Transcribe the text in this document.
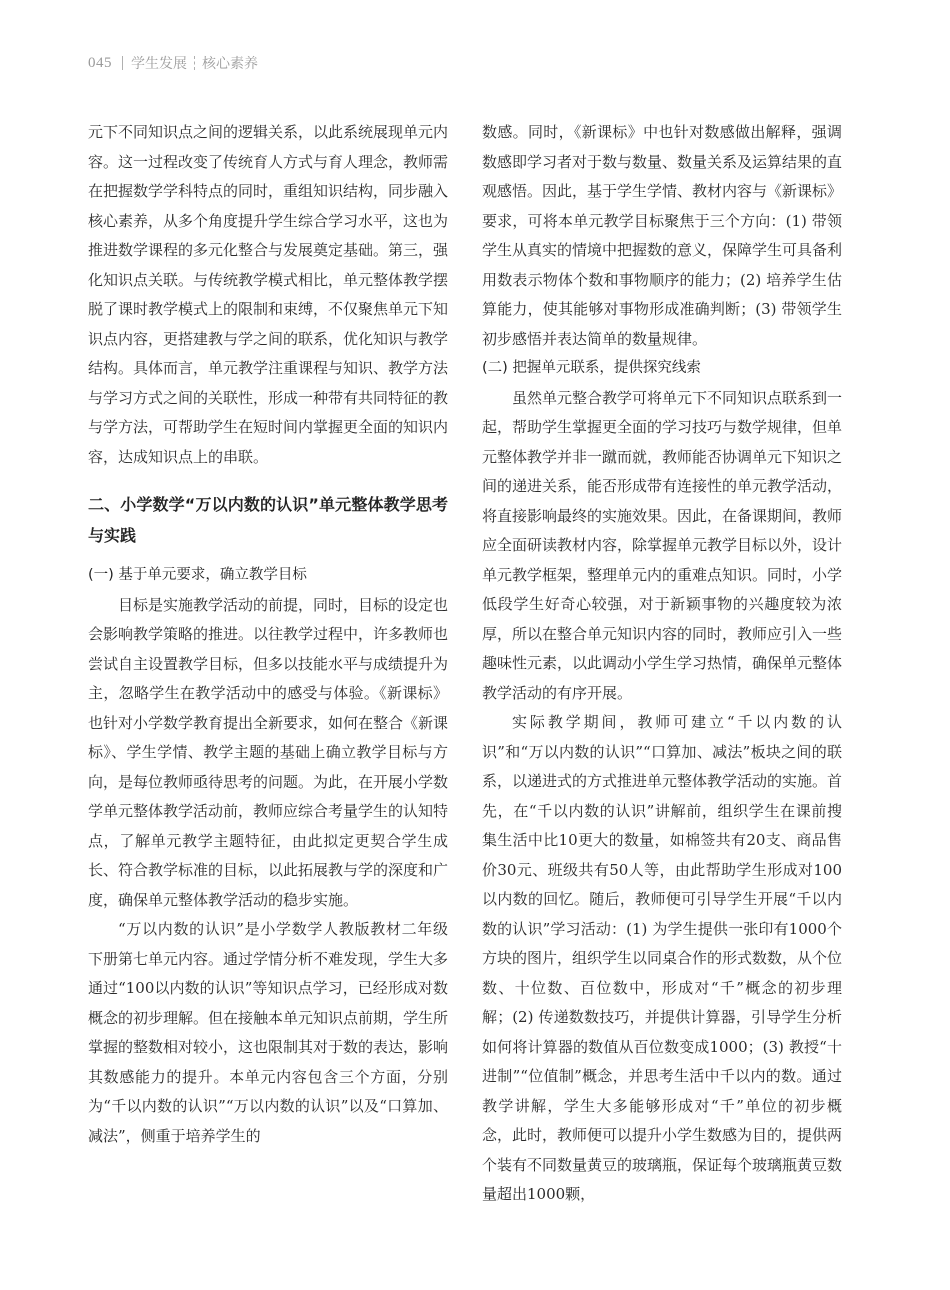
045 学生发展 核心素养

元下不同知识点之间的逻辑关系，以此系统展现单元内容。这一过程改变了传统育人方式与育人理念，教师需在把握数学学科特点的同时，重组知识结构，同步融入核心素养，从多个角度提升学生综合学习水平，这也为推进数学课程的多元化整合与发展奠定基础。第三，强化知识点关联。与传统教学模式相比，单元整体教学摆脱了课时教学模式上的限制和束缚，不仅聚焦单元下知识点内容，更搭建教与学之间的联系，优化知识与教学结构。具体而言，单元教学注重课程与知识、教学方法与学习方式之间的关联性，形成一种带有共同特征的教与学方法，可帮助学生在短时间内掌握更全面的知识内容，达成知识点上的串联。

二、小学数学“万以内数的认识”单元整体教学思考与实践
(一) 基于单元要求，确立教学目标

目标是实施教学活动的前提，同时，目标的设定也会影响教学策略的推进。以往教学过程中，许多教师也尝试自主设置教学目标，但多以技能水平与成绩提升为主，忽略学生在教学活动中的感受与体验。《新课标》也针对小学数学教育提出全新要求，如何在整合《新课标》、学生学情、教学主题的基础上确立教学目标与方向，是每位教师亟待思考的问题。为此，在开展小学数学单元整体教学活动前，教师应综合考量学生的认知特点，了解单元教学主题特征，由此拟定更契合学生成长、符合教学标准的目标，以此拓展教与学的深度和广度，确保单元整体教学活动的稳步实施。

“万以内数的认识”是小学数学人教版教材二年级下册第七单元内容。通过学情分析不难发现，学生大多通过“100以内数的认识”等知识点学习，已经形成对数概念的初步理解。但在接触本单元知识点前期，学生所掌握的整数相对较小，这也限制其对于数的表达，影响其数感能力的提升。本单元内容包含三个方面，分别为“千以内数的认识”“万以内数的认识”以及“口算加、减法”，侧重于培养学生的

数感。同时，《新课标》中也针对数感做出解释，强调数感即学习者对于数与数量、数量关系及运算结果的直观感悟。因此，基于学生学情、教材内容与《新课标》要求，可将本单元教学目标聚焦于三个方向：(1) 带领学生从真实的情境中把握数的意义，保障学生可具备利用数表示物体个数和事物顺序的能力；(2) 培养学生估算能力，使其能够对事物形成准确判断；(3) 带领学生初步感悟并表达简单的数量规律。

(二) 把握单元联系，提供探究线索

虽然单元整合教学可将单元下不同知识点联系到一起，帮助学生掌握更全面的学习技巧与数学规律，但单元整体教学并非一蹴而就，教师能否协调单元下知识之间的递进关系，能否形成带有连接性的单元教学活动，将直接影响最终的实施效果。因此，在备课期间，教师应全面研读教材内容，除掌握单元教学目标以外，设计单元教学框架，整理单元内的重难点知识。同时，小学低段学生好奇心较强，对于新颖事物的兴趣度较为浓厚，所以在整合单元知识内容的同时，教师应引入一些趣味性元素，以此调动小学生学习热情，确保单元整体教学活动的有序开展。

实际教学期间，教师可建立“千以内数的认识”和“万以内数的认识”“口算加、减法”板块之间的联系，以递进式的方式推进单元整体教学活动的实施。首先，在“千以内数的认识”讲解前，组织学生在课前搜集生活中比10更大的数量，如棉签共有20支、商品售价30元、班级共有50人等，由此帮助学生形成对100以内数的回忆。随后，教师便可引导学生开展“千以内数的认识”学习活动：(1) 为学生提供一张印有1000个方块的图片，组织学生以同桌合作的形式数数，从个位数、十位数、百位数中，形成对“千”概念的初步理解；(2) 传递数数技巧，并提供计算器，引导学生分析如何将计算器的数值从百位数变成1000；(3) 教授“十进制”“位值制”概念，并思考生活中千以内的数。通过教学讲解，学生大多能够形成对“千”单位的初步概念，此时，教师便可以提升小学生数感为目的，提供两个装有不同数量黄豆的玻璃瓶，保证每个玻璃瓶黄豆数量超出1000颗，
